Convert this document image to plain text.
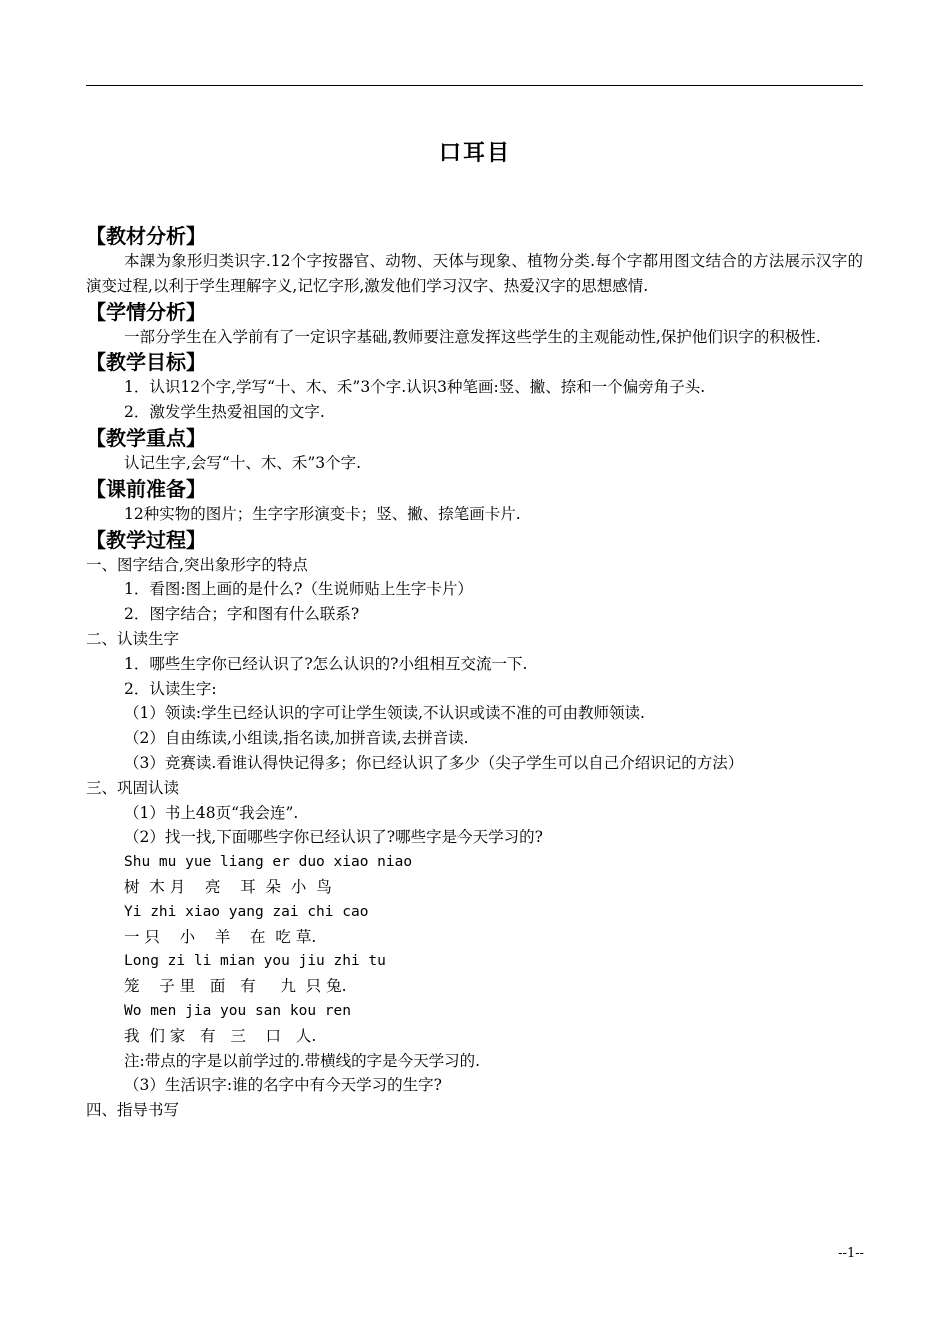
口耳目
【教材分析】
本課为象形归类识字.12个字按器官、动物、天体与现象、植物分类.每个字都用图文结合的方法展示汉字的演变过程,以利于学生理解字义,记忆字形,激发他们学习汉字、热爱汉字的思想感情.
【学情分析】
一部分学生在入学前有了一定识字基础,教师要注意发挥这些学生的主观能动性,保护他们识字的积极性.
【教学目标】
1．认识12个字,学写“十、木、禾”3个字.认识3种笔画:竖、撇、捺和一个偏旁角子头.
2．激发学生热爱祖国的文字.
【教学重点】
认记生字,会写“十、木、禾”3个字.
【课前准备】
12种实物的图片；生字字形演变卡；竖、撇、捺笔画卡片.
【教学过程】
一、图字结合,突出象形字的特点
1．看图:图上画的是什么?（生说师贴上生字卡片）
2．图字结合；字和图有什么联系?
二、认读生字
1．哪些生字你已经认识了?怎么认识的?小组相互交流一下.
2．认读生字:
（1）领读:学生已经认识的字可让学生领读,不认识或读不准的可由教师领读.
（2）自由练读,小组读,指名读,加拼音读,去拼音读.
（3）竞赛读.看谁认得快记得多；你已经认识了多少（尖子学生可以自己介绍识记的方法）
三、巩固认读
（1）书上48页“我会连”.
（2）找一找,下面哪些字你已经认识了?哪些字是今天学习的?
Shu mu yue liang er duo xiao niao
树  木 月    亮    耳  朵  小  鸟
Yi zhi xiao yang zai chi cao
一 只    小    羊    在  吃 草.
Long zi li mian you jiu zhi tu
笼    子 里   面   有     九  只 兔.
Wo men jia you san kou ren
我  们 家   有   三    口   人.
注:带点的字是以前学过的.带横线的字是今天学习的.
（3）生活识字:谁的名字中有今天学习的生字?
四、指导书写
--1--
